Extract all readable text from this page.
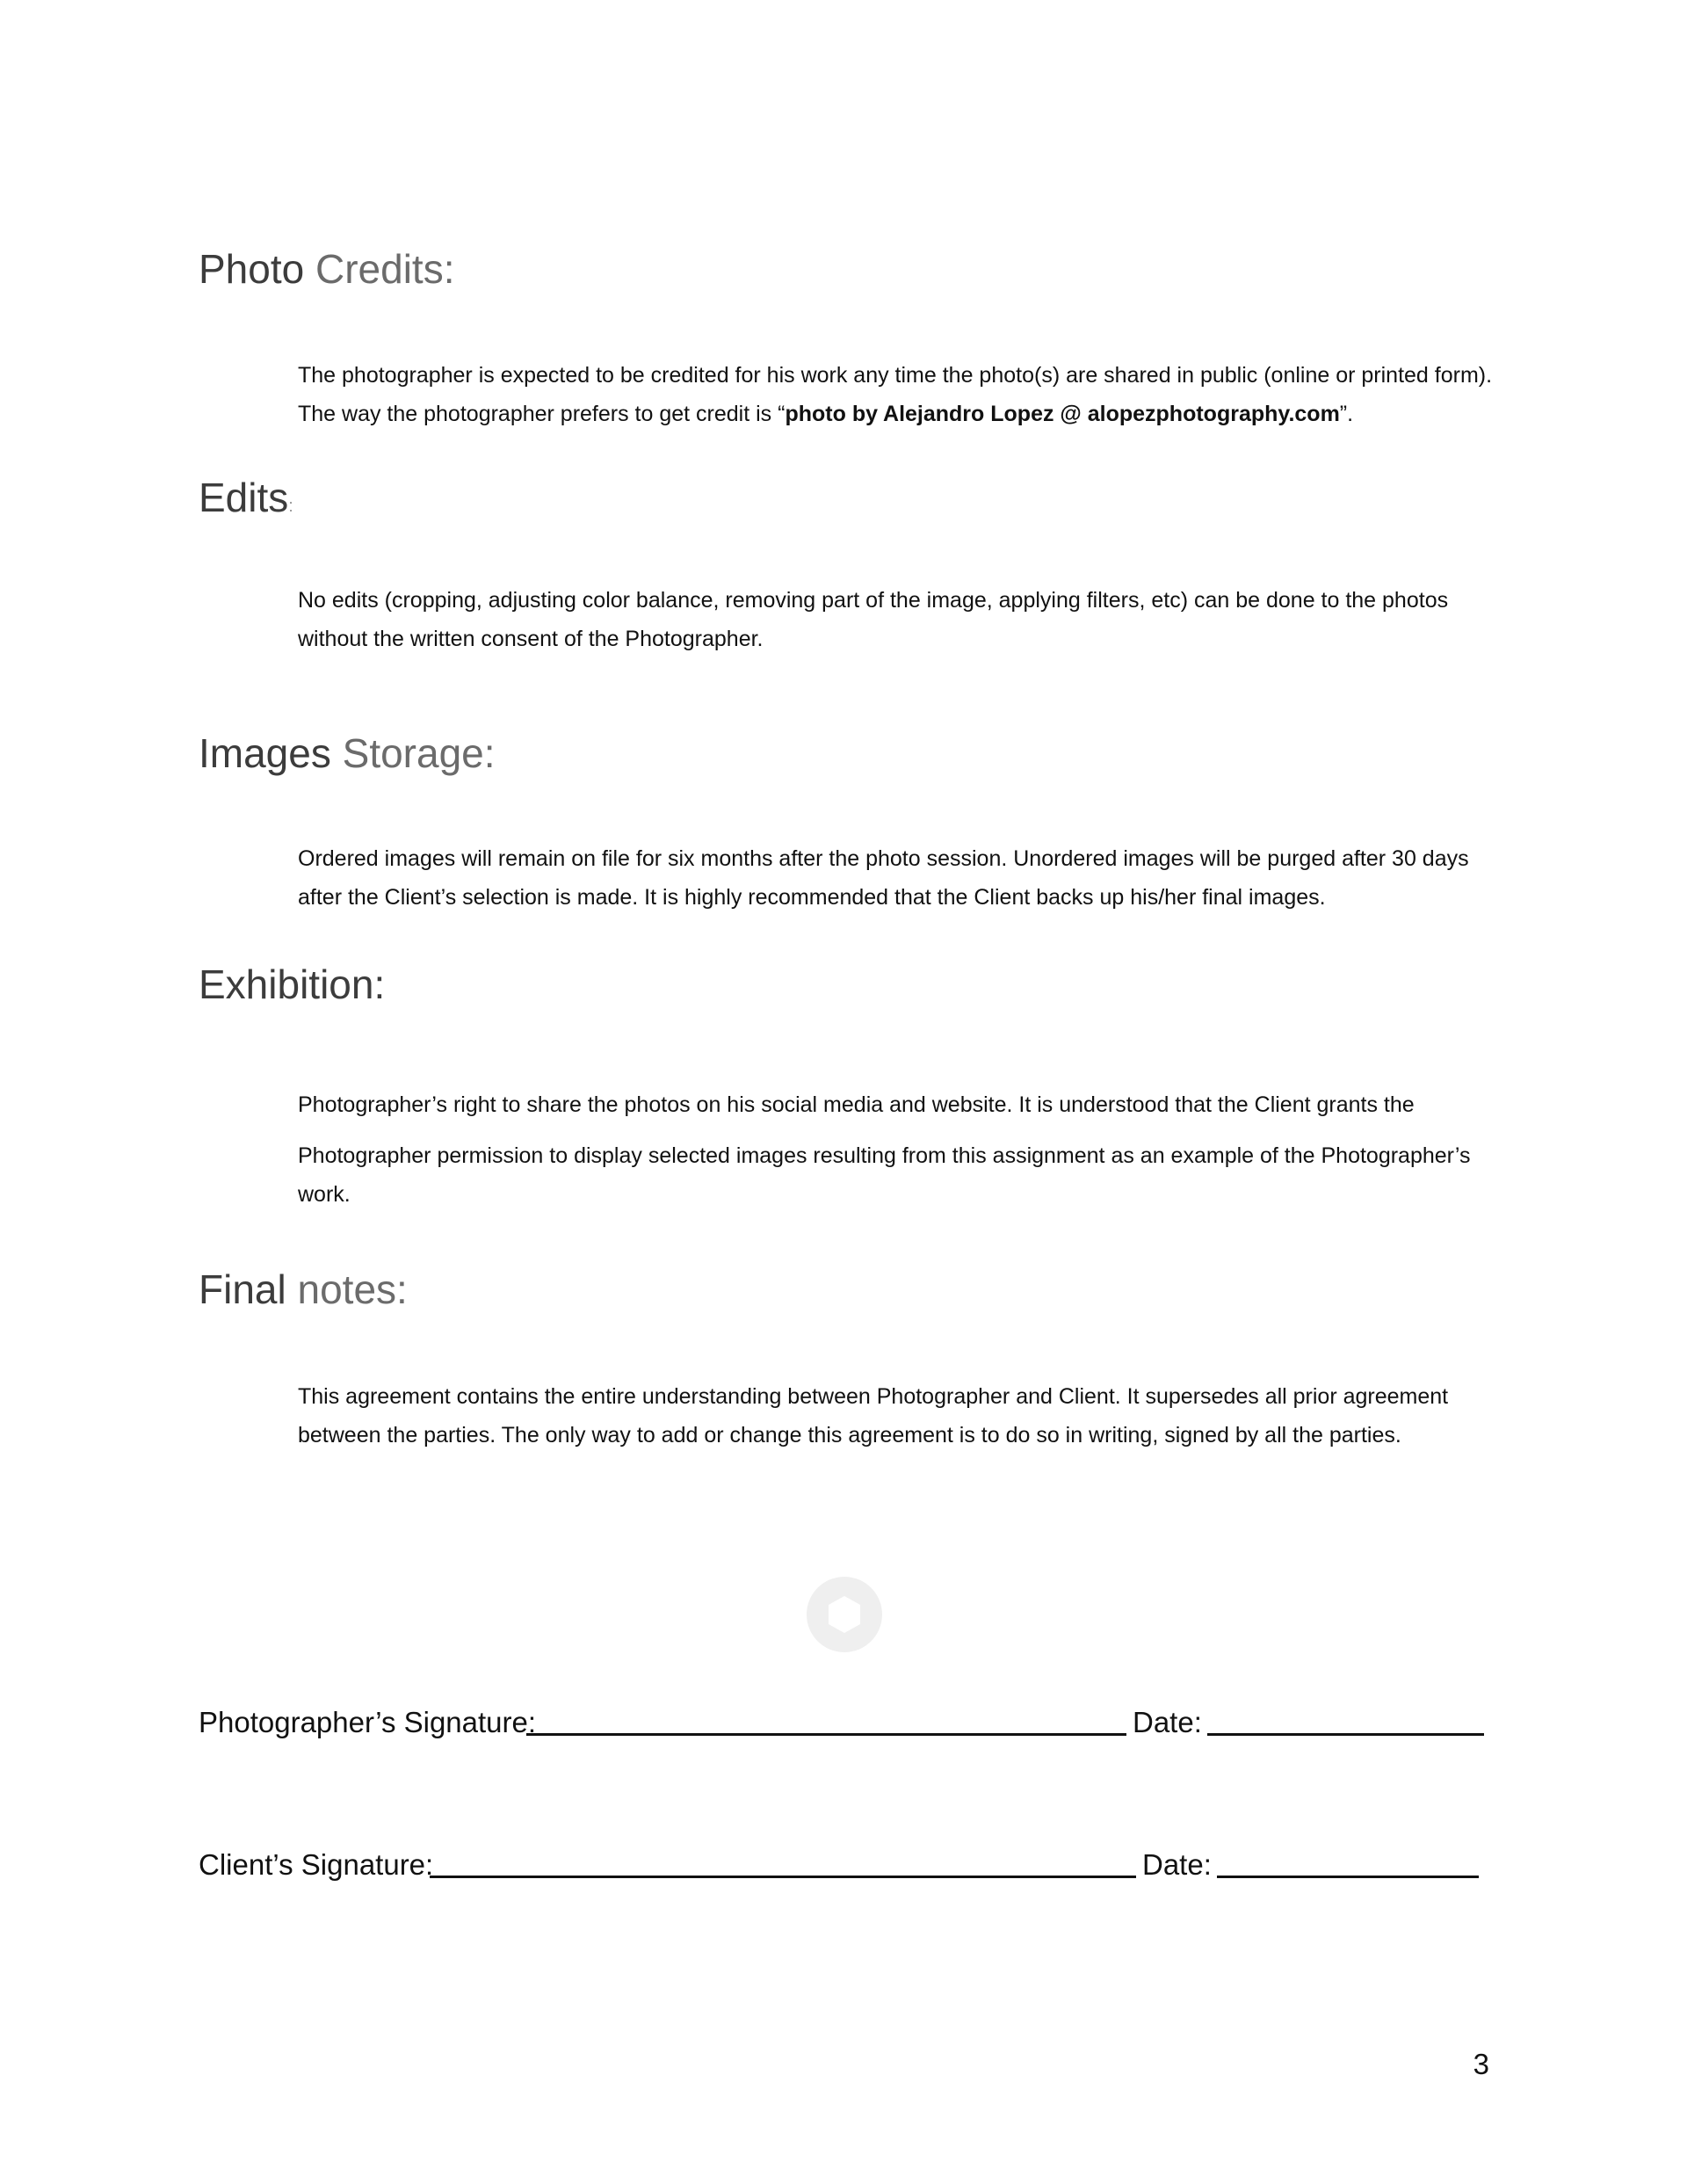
Photo Credits:

The photographer is expected to be credited for his work any time the photo(s) are shared in public (online or printed form). The way the photographer prefers to get credit is “photo by Alejandro Lopez @ alopezphotography.com”.

Edits:

No edits (cropping, adjusting color balance, removing part of the image, applying filters, etc) can be done to the photos without the written consent of the Photographer.

Images Storage:

Ordered images will remain on file for six months after the photo session. Unordered images will be purged after 30 days after the Client’s selection is made. It is highly recommended that the Client backs up his/her final images.

Exhibition:

Photographer’s right to share the photos on his social media and website. It is understood that the Client grants the

Photographer permission to display selected images resulting from this assignment as an example of the Photographer’s work.

Final notes:

This agreement contains the entire understanding between Photographer and Client. It supersedes all prior agreement between the parties. The only way to add or change this agreement is to do so in writing, signed by all the parties.

Photographer’s Signature:	Date:
Client’s Signature:	Date:
3
